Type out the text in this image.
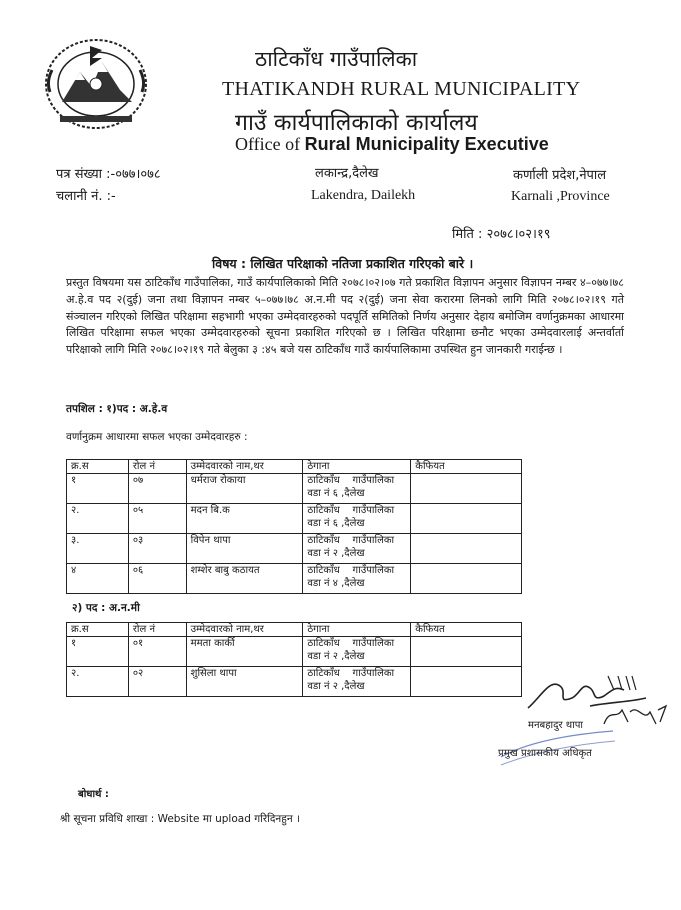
ठाटिकाँध गाउँपालिका
THATIKANDH RURAL MUNICIPALITY
गाउँ कार्यपालिकाको कार्यालय
Office of Rural Municipality Executive
पत्र संख्या :-०७७।०७८
चलानी नं. :-
लकान्द्र,दैलेख
Lakendra, Dailekh
कर्णाली प्रदेश,नेपाल
Karnali ,Province
मिति : २०७८।०२।१९
विषय : लिखित परिक्षाको नतिजा प्रकाशित गरिएको बारे ।
प्रस्तुत विषयमा यस ठाटिकाँध गाउँपालिका, गाउँ कार्यपालिकाको मिति २०७८।०२।०७ गते प्रकाशित विज्ञापन अनुसार विज्ञापन नम्बर ४–०७७।७८ अ.हे.व पद २(दुई) जना तथा विज्ञापन नम्बर ५–०७७।७८ अ.न.मी पद २(दुई) जना सेवा करारमा लिनको लागि मिति २०७८।०२।१९ गते संञ्चालन गरिएको लिखित परिक्षामा सहभागी भएका उम्मेदवारहरुको पदपूर्ति समितिको निर्णय अनुसार देहाय बमोजिम वर्णानुक्रमका आधारमा लिखित परिक्षामा सफल भएका उम्मेदवारहरुको सूचना प्रकाशित गरिएको छ । लिखित परिक्षामा छनौट भएका उम्मेदवारलाई अन्तर्वार्ता परिक्षाको लागि मिति २०७८।०२।१९ गते बेलुका ३ :४५ बजे यस ठाटिकाँध गाउँ कार्यपालिकामा उपस्थित हुन जानकारी गराईन्छ ।
तपशिल : १)पद : अ.हे.व
वर्णानुक्रम आधारमा सफल भएका उम्मेदवारहरु :
क्र.स	रोल नं	उम्मेदवारको नाम,थर	ठेगाना	कैफियत
१	०७	धर्मराज रोकाया	ठाटिकाँध    गाउँपालिका
वडा नं ६ ,दैलेख	

२.	०५	मदन बि.क	ठाटिकाँध    गाउँपालिका
वडा नं ६ ,दैलेख	

३.	०३	विपेन थापा	ठाटिकाँध    गाउँपालिका
वडा नं २ ,दैलेख	

४	०६	शम्शेर बाबु कठायत	ठाटिकाँध    गाउँपालिका
वडा नं ४ ,दैलेख	

२) पद : अ.न.मी
क्र.स	रोल नं	उम्मेदवारको नाम,थर	ठेगाना	कैफियत
१	०१	ममता कार्की	ठाटिकाँध    गाउँपालिका
वडा नं २ ,दैलेख	

२.	०२	शुसिला थापा	ठाटिकाँध    गाउँपालिका
वडा नं २ ,दैलेख	

मनबहादुर थापा
प्रमुख प्रशासकीय अधिकृत
बोधार्थ :
श्री सूचना प्रविधि शाखा : Website मा upload गरिदिनहुन ।
